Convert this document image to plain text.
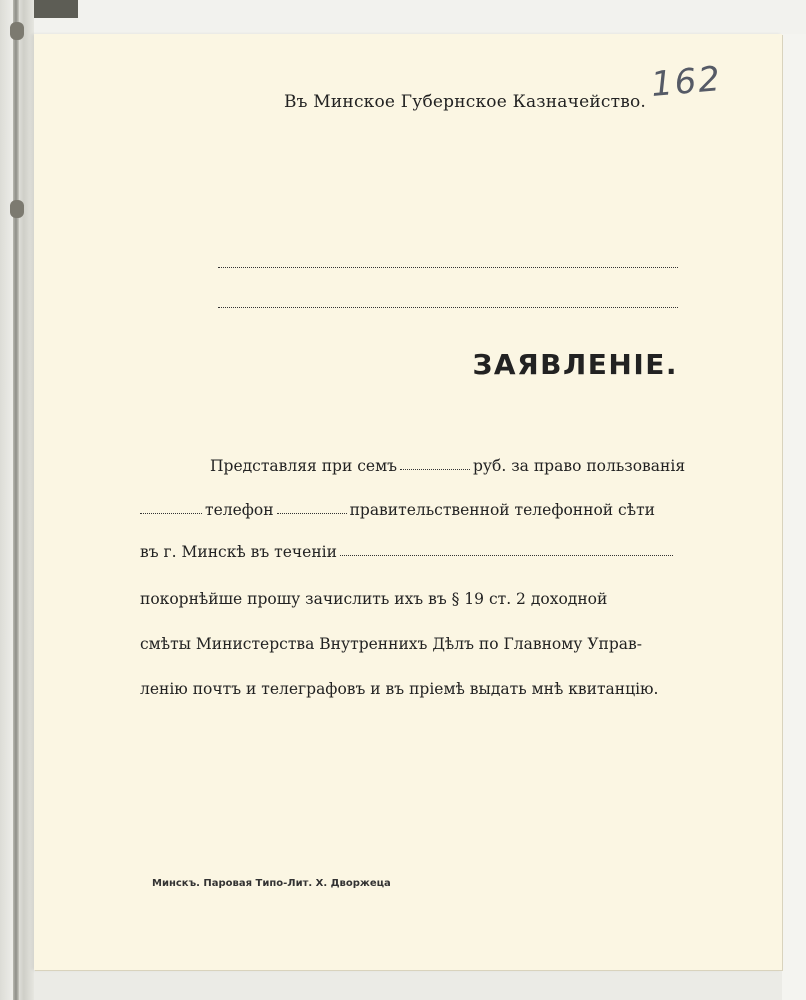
Въ Минское Губернское Казначейство. 162
ЗАЯВЛЕНІЕ.
Представляя при семъ	руб. за право пользованія
телефон	правительственной телефонной сѣти
въ г. Минскѣ въ теченіи
покорнѣйше прошу зачислить ихъ въ § 19 ст. 2 доходной
смѣты Министерства Внутреннихъ Дѣлъ по Главному Управ-
ленію почтъ и телеграфовъ и въ пріемѣ выдать мнѣ квитанцію.
Минскъ. Паровая Типо-Лит. Х. Дворжеца
